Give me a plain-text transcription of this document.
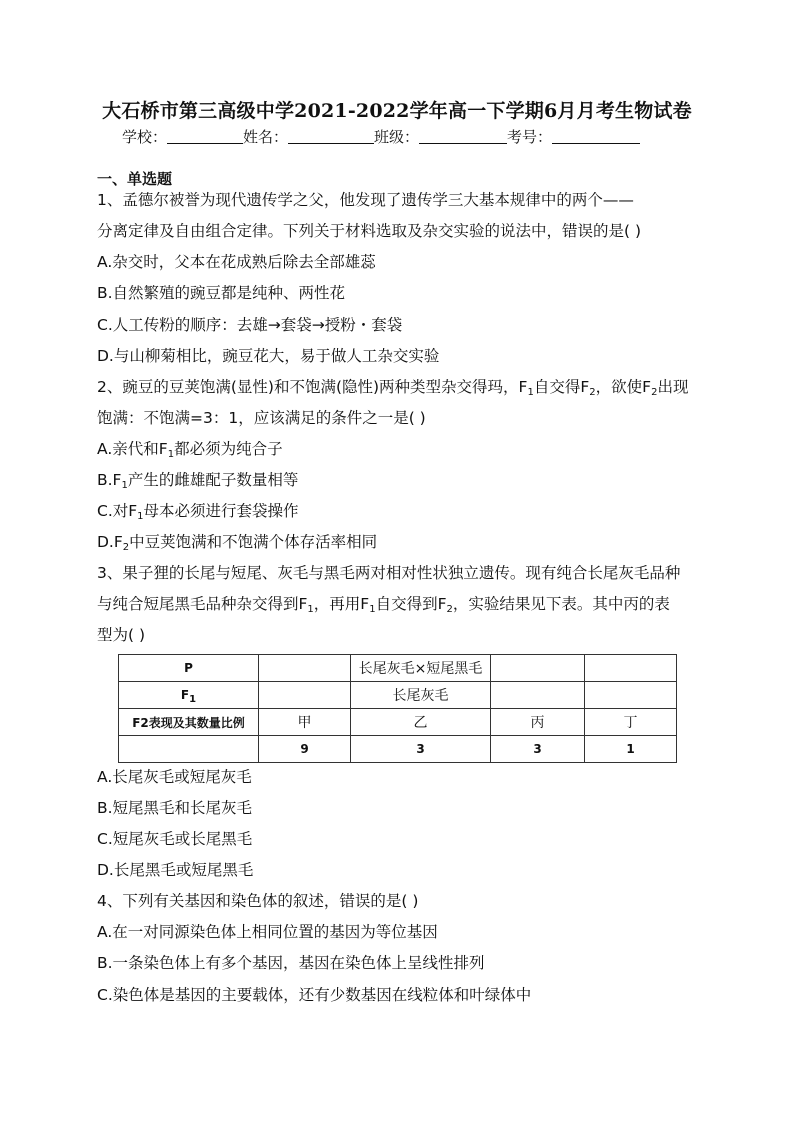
大石桥市第三高级中学2021-2022学年高一下学期6月月考生物试卷
学校：	姓名：	班级：	考号：
一、单选题
1、孟德尔被誉为现代遗传学之父，他发现了遗传学三大基本规律中的两个——
分离定律及自由组合定律。下列关于材料选取及杂交实验的说法中，错误的是( )
A.杂交时，父本在花成熟后除去全部雄蕊
B.自然繁殖的豌豆都是纯种、两性花
C.人工传粉的顺序：去雄→套袋→授粉・套袋
D.与山柳菊相比，豌豆花大，易于做人工杂交实验
2、豌豆的豆荚饱满(显性)和不饱满(隐性)两种类型杂交得玛，$F_1$自交得$F_2$，欲使$F_2$出现
饱满：不饱满=3：1，应该满足的条件之一是( )
A.亲代和$F_1$都必须为纯合子
$B.F_1$产生的雌雄配子数量相等
C.对$F_1$母本必须进行套袋操作
$D.F_2$中豆荚饱满和不饱满个体存活率相同
3、果子狸的长尾与短尾、灰毛与黑毛两对相对性状独立遗传。现有纯合长尾灰毛品种
与纯合短尾黑毛品种杂交得到$F_1$，再用$F_1$自交得到$F_2$，实验结果见下表。其中丙的表
型为( )
P		长尾灰毛×短尾黑毛		
$F_1$		长尾灰毛		
F2表现及其数量比例	甲	乙	丙	丁
	9	3	3	1
A.长尾灰毛或短尾灰毛
B.短尾黑毛和长尾灰毛
C.短尾灰毛或长尾黑毛
D.长尾黑毛或短尾黑毛
4、下列有关基因和染色体的叙述，错误的是( )
A.在一对同源染色体上相同位置的基因为等位基因
B.一条染色体上有多个基因，基因在染色体上呈线性排列
C.染色体是基因的主要载体，还有少数基因在线粒体和叶绿体中
